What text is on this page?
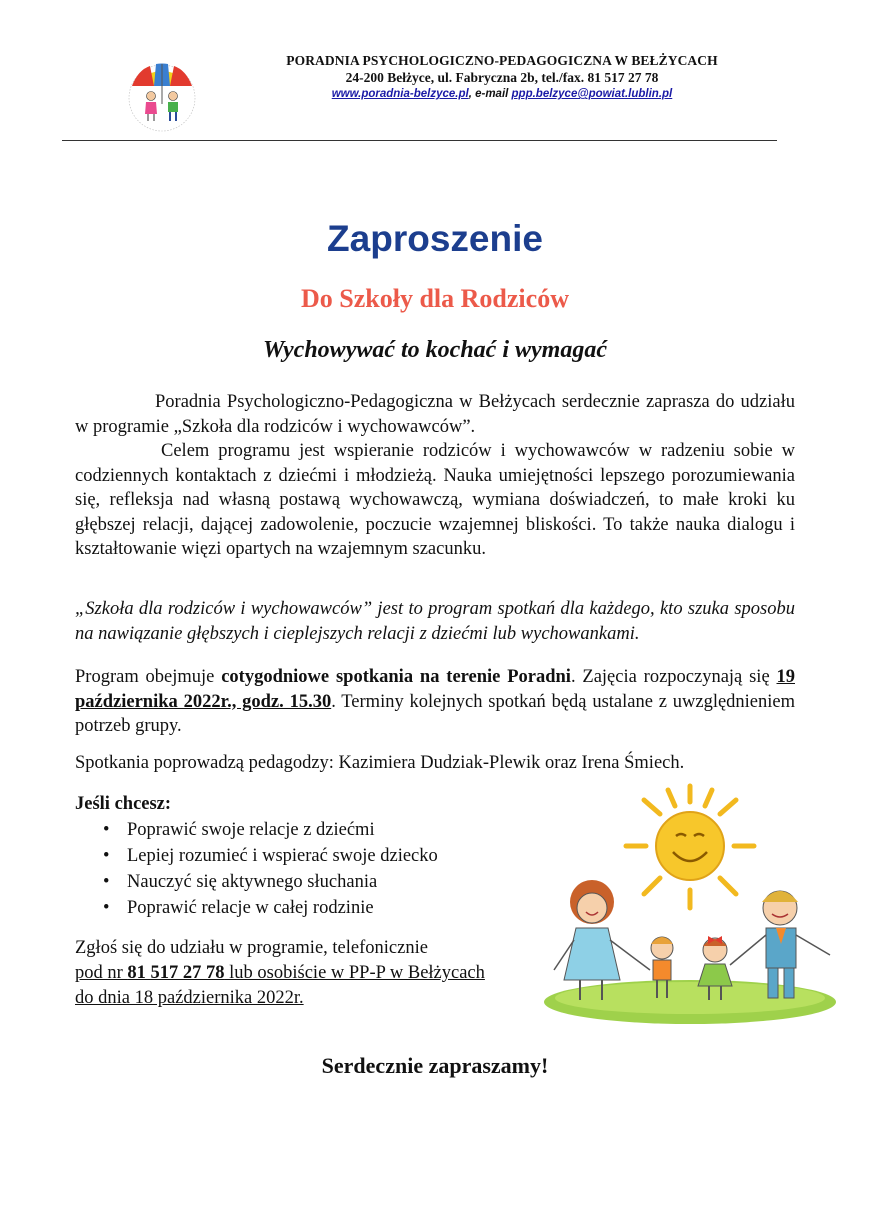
PORADNIA PSYCHOLOGICZNO-PEDAGOGICZNA W BEŁŻYCACH
24-200 Bełżyce, ul. Fabryczna 2b, tel./fax. 81 517 27 78
www.poradnia-belzyce.pl, e-mail ppp.belzyce@powiat.lublin.pl
Zaproszenie
Do Szkoły dla Rodziców
Wychowywać to kochać i wymagać
Poradnia Psychologiczno-Pedagogiczna w Bełżycach serdecznie zaprasza do udziału w programie „Szkoła dla rodziców i wychowawców”.
Celem programu jest wspieranie rodziców i wychowawców w radzeniu sobie w codziennych kontaktach z dziećmi i młodzieżą. Nauka umiejętności lepszego porozumiewania się, refleksja nad własną postawą wychowawczą, wymiana doświadczeń, to małe kroki ku głębszej relacji, dającej zadowolenie, poczucie wzajemnej bliskości. To także nauka dialogu i kształtowanie więzi opartych na wzajemnym szacunku.
„Szkoła dla rodziców i wychowawców” jest to program spotkań dla każdego, kto szuka sposobu na nawiązanie głębszych i cieplejszych relacji z dziećmi lub wychowankami.
Program obejmuje cotygodniowe spotkania na terenie Poradni. Zajęcia rozpoczynają się 19 października 2022r., godz. 15.30. Terminy kolejnych spotkań będą ustalane z uwzględnieniem potrzeb grupy.
Spotkania poprowadzą pedagodzy: Kazimiera Dudziak-Plewik oraz Irena Śmiech.
Jeśli chcesz:
• Poprawić swoje relacje z dziećmi
• Lepiej rozumieć i wspierać swoje dziecko
• Nauczyć się aktywnego słuchania
• Poprawić relacje w całej rodzinie
Zgłoś się do udziału w programie, telefonicznie
pod nr 81 517 27 78 lub osobiście w PP-P w Bełżycach
do dnia 18 października 2022r.
Serdecznie zapraszamy!
